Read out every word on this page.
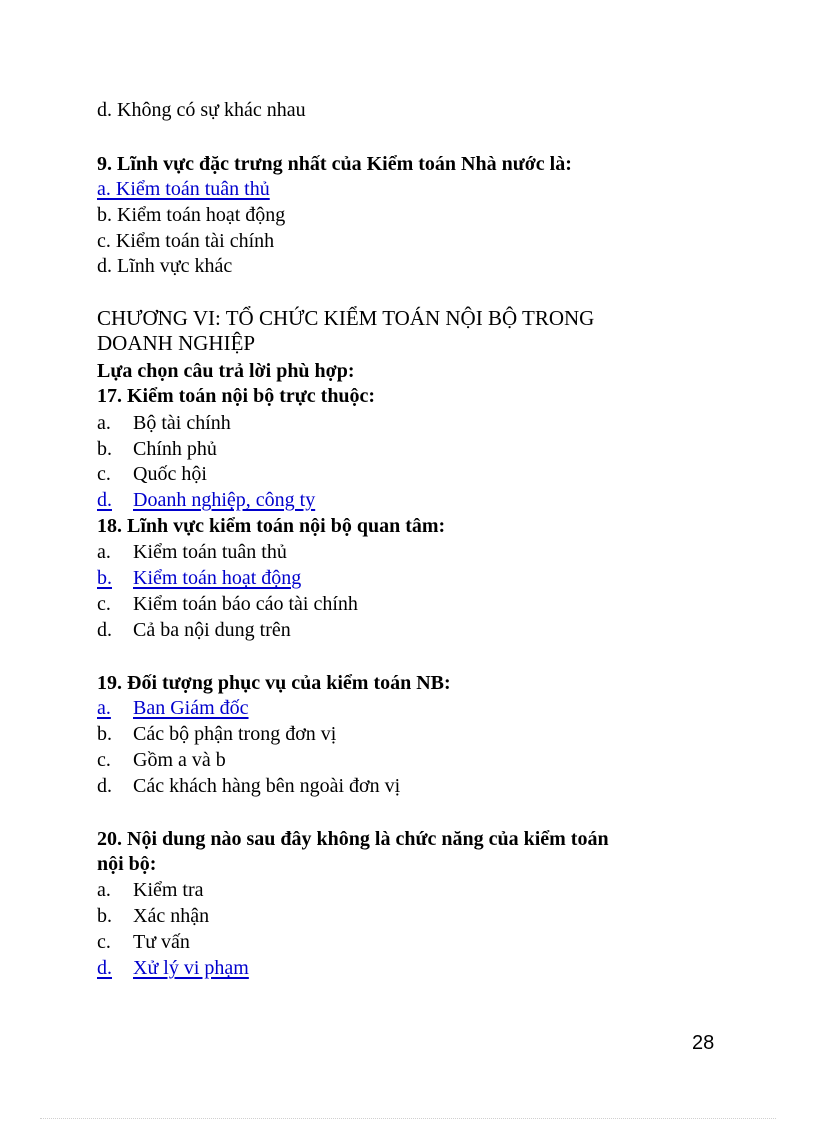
d. Không có sự khác nhau
9. Lĩnh vực đặc trưng nhất của Kiểm toán Nhà nước là:
a. Kiểm toán tuân thủ
b. Kiểm toán hoạt động
c. Kiểm toán tài chính
d. Lĩnh vực khác
CHƯƠNG VI: TỔ CHỨC KIỂM TOÁN NỘI BỘ TRONG
DOANH NGHIỆP
Lựa chọn câu trả lời phù hợp:
17. Kiểm toán nội bộ trực thuộc:
a. Bộ tài chính
b. Chính phủ
c. Quốc hội
d. Doanh nghiệp, công ty
18. Lĩnh vực kiểm toán nội bộ quan tâm:
a. Kiểm toán tuân thủ
b. Kiểm toán hoạt động
c. Kiểm toán báo cáo tài chính
d. Cả ba nội dung trên
19. Đối tượng phục vụ của kiểm toán NB:
a. Ban Giám đốc
b. Các bộ phận trong đơn vị
c. Gồm a và b
d. Các khách hàng bên ngoài đơn vị
20. Nội dung nào sau đây không là chức năng của kiểm toán
nội bộ:
a. Kiểm tra
b. Xác nhận
c. Tư vấn
d. Xử lý vi phạm
28
